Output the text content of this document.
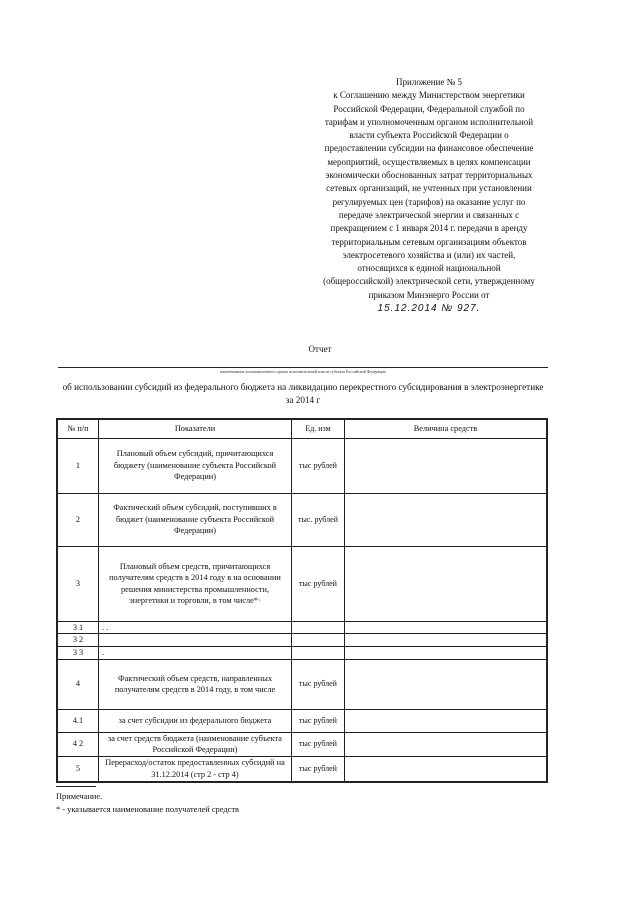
Приложение № 5
к Соглашению между Министерством энергетики Российской Федерации, Федеральной службой по тарифам и уполномоченным органом исполнительной власти субъекта Российской Федерации о предоставлении субсидии на финансовое обеспечение мероприятий, осуществляемых в целях компенсации экономически обоснованных затрат территориальных сетевых организаций, не учтенных при установлении регулируемых цен (тарифов) на оказание услуг по передаче электрической энергии и связанных с прекращением с 1 января 2014 г. передачи в аренду территориальным сетевым организациям объектов электросетевого хозяйства и (или) их частей, относящихся к единой национальной (общероссийской) электрической сети, утвержденному приказом Минэнерго России от
15.12.2014 № 927.
Отчет
наименование уполномоченного органа исполнительной власти субъекта Российской Федерации
об использовании субсидий из федерального бюджета на ликвидацию перекрестного субсидирования в электроэнергетике за 2014 г
№ п/п	Показатели	Ед. изм	Величина средств
1	Плановый объем субсидий, причитающихся бюджету (наименование субъекта Российской Федерации)	тыс рублей	
2	Фактический объем субсидий, поступивших в бюджет (наименование субъекта Российской Федерации)	тыс. рублей	
3	Плановый объем средств, причитающихся получателям средств в 2014 году в на основании решения министерства промышленности, энергетики и торговли, в том числе*·	тыс рублей	
3 1	. .		
3 2			
3 3	.		
4	Фактический объем средств, направленных получателям средств в 2014 году, в том числе	тыс рублей	
4.1	за счет субсидии из федерального бюджета	тыс рублей	
4 2	за счет средств бюджета (наименование субъекта Российской Федерации)	тыс рублей	
5	Перерасход/остаток предоставленных субсидий на 31.12.2014 (стр 2 - стр 4)	тыс рублей	
Примечание.
* - указывается наименование получателей средств
